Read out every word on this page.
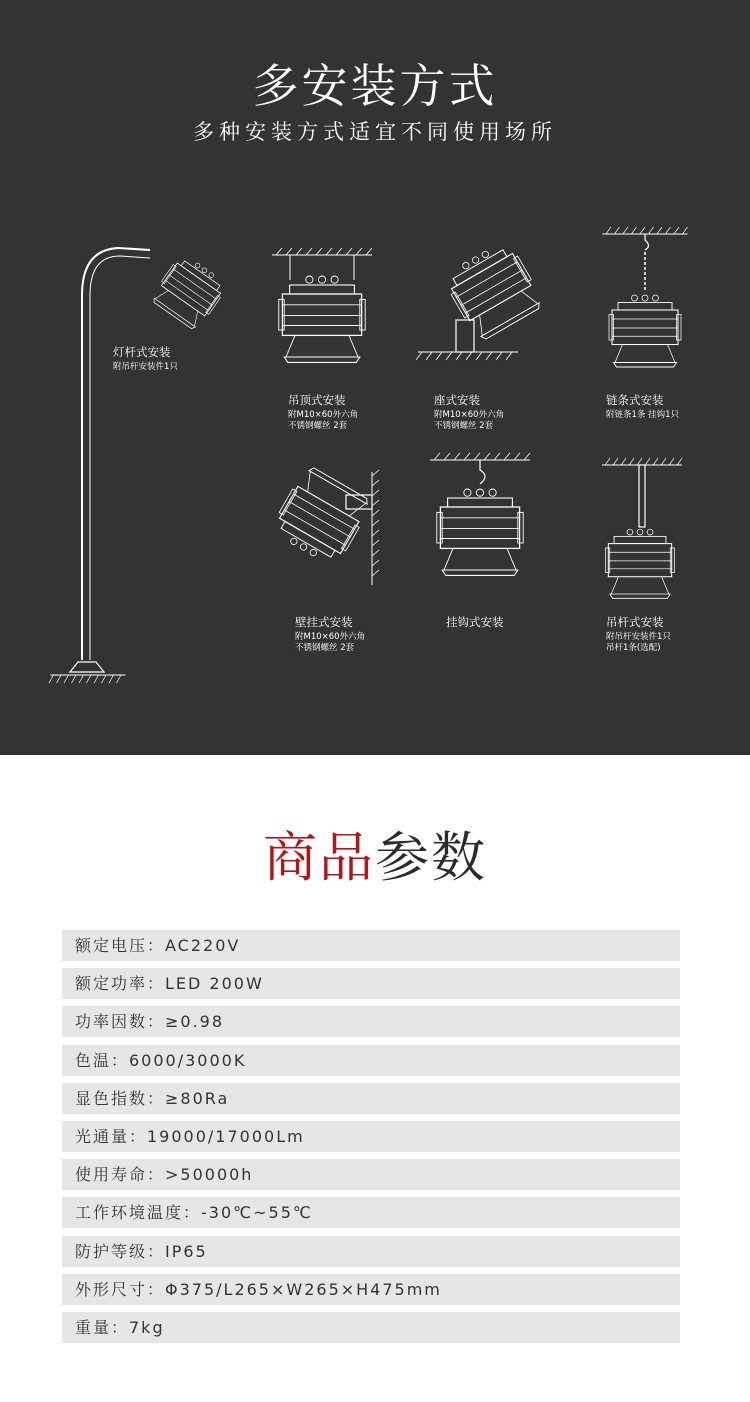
多安装方式
多种安装方式适宜不同使用场所
灯杆式安装
附吊杆安装件1只
吊顶式安装
附M10×60外六角
不锈钢螺丝 2套
座式安装
附M10×60外六角
不锈钢螺丝 2套
链条式安装
附链条1条 挂钩1只
壁挂式安装
附M10×60外六角
不锈钢螺丝 2套
挂钩式安装	吊杆式安装
附吊杆安装件1只
吊杆1条(选配)
商品参数
额定电压：AC220V
额定功率：LED 200W
功率因数：≥0.98
色温：6000/3000K
显色指数：≥80Ra
光通量：19000/17000Lm
使用寿命：>50000h
工作环境温度：-30℃~55℃
防护等级：IP65
外形尺寸：Φ375/L265×W265×H475mm
重量：7kg
